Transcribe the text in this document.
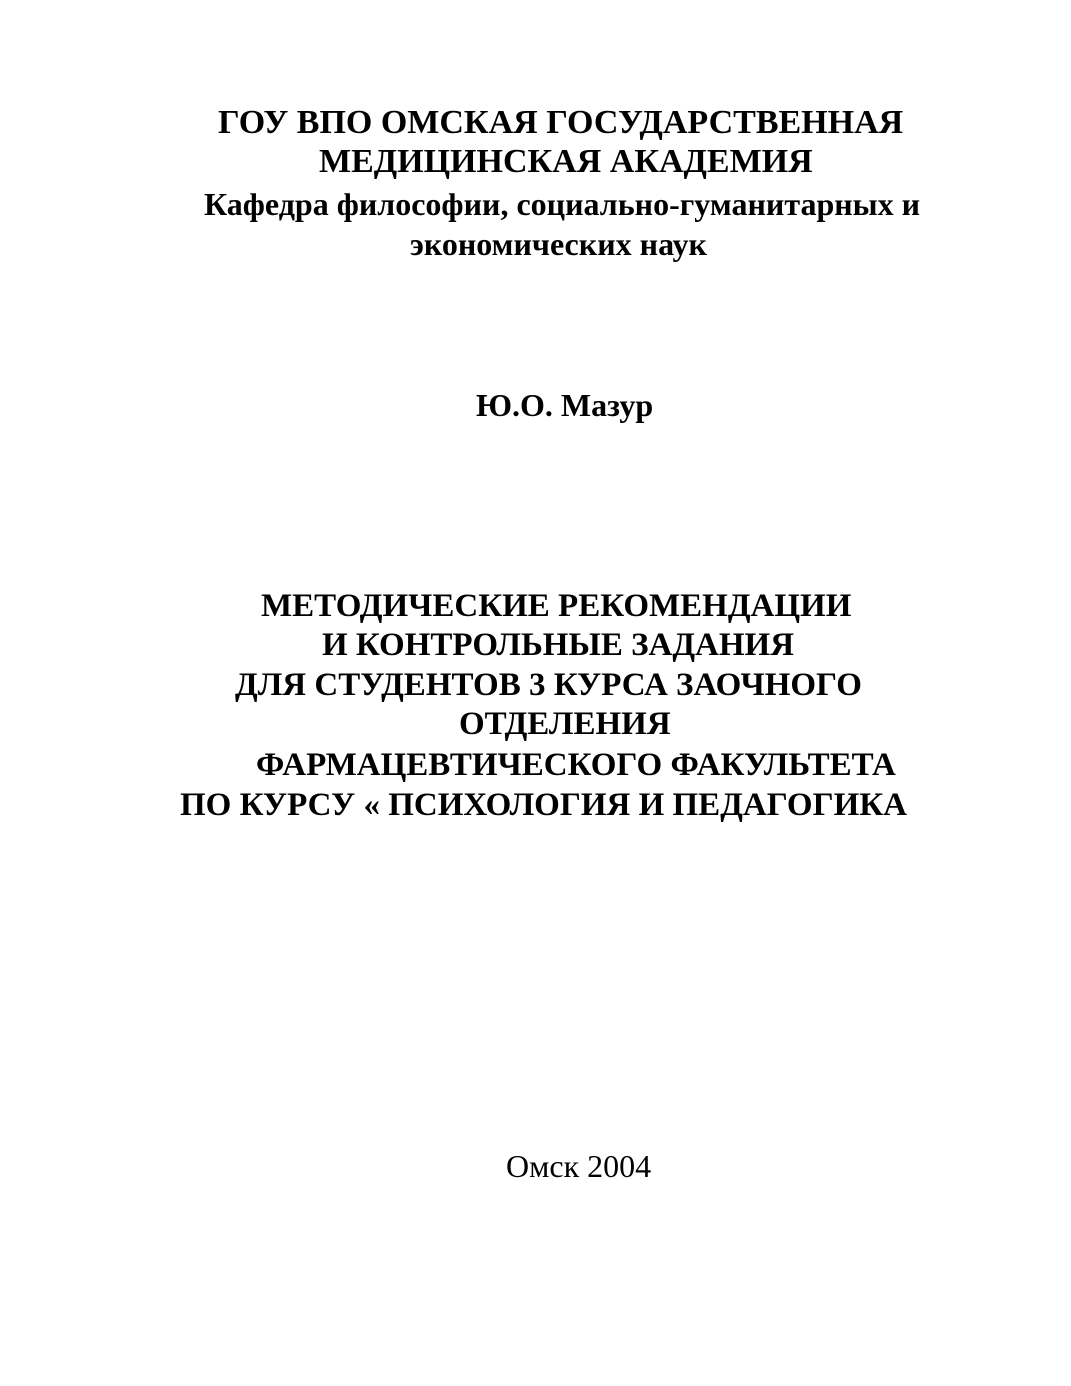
ГОУ ВПО ОМСКАЯ ГОСУДАРСТВЕННАЯ
МЕДИЦИНСКАЯ АКАДЕМИЯ
Кафедра философии, социально-гуманитарных и
экономических наук
Ю.О. Мазур
МЕТОДИЧЕСКИЕ РЕКОМЕНДАЦИИ
И КОНТРОЛЬНЫЕ ЗАДАНИЯ
ДЛЯ СТУДЕНТОВ 3 КУРСА ЗАОЧНОГО
ОТДЕЛЕНИЯ
ФАРМАЦЕВТИЧЕСКОГО ФАКУЛЬТЕТА
ПО КУРСУ « ПСИХОЛОГИЯ И ПЕДАГОГИКА
Омск 2004
